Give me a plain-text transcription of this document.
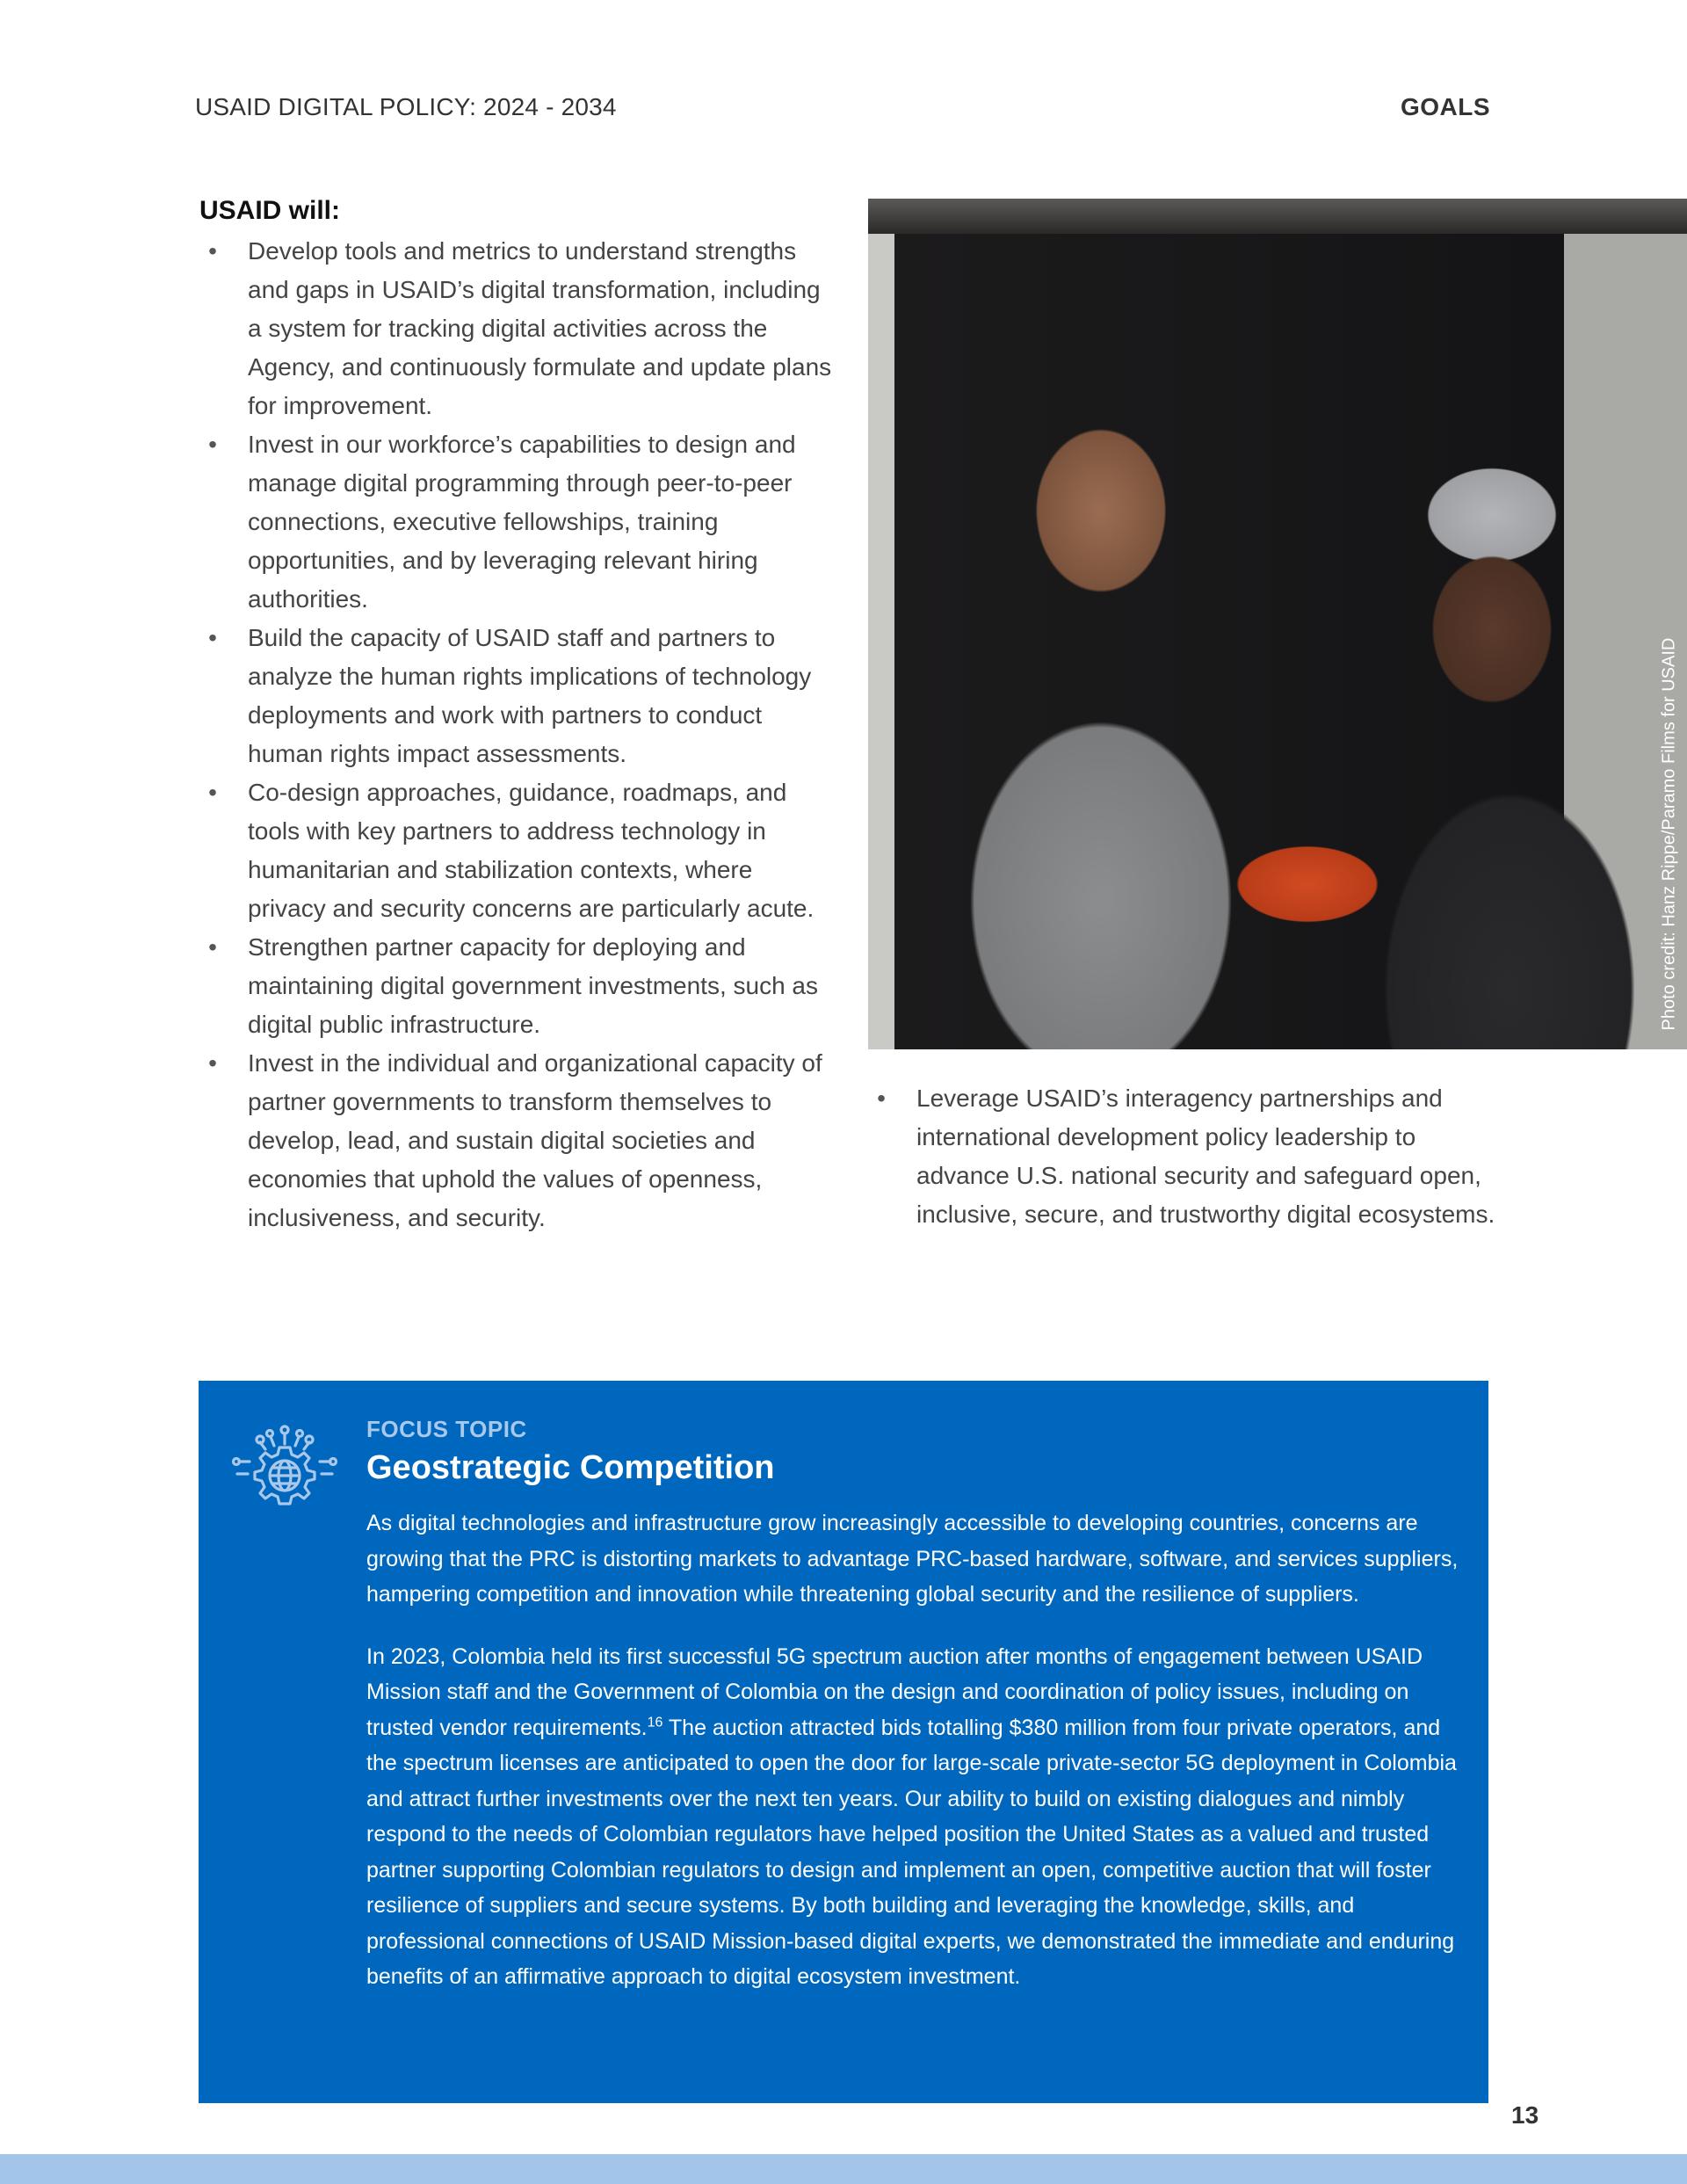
USAID DIGITAL POLICY: 2024 - 2034	GOALS
USAID will:
•	Develop tools and metrics to understand strengths and gaps in USAID’s digital transformation, including a system for tracking digital activities across the Agency, and continuously formulate and update plans for improvement.
•	Invest in our workforce’s capabilities to design and manage digital programming through peer-to-peer connections, executive fellowships, training opportunities, and by leveraging relevant hiring authorities.
•	Build the capacity of USAID staff and partners to analyze the human rights implications of technology deployments and work with partners to conduct human rights impact assessments.
•	Co-design approaches, guidance, roadmaps, and tools with key partners to address technology in humanitarian and stabilization contexts, where privacy and security concerns are particularly acute.
•	Strengthen partner capacity for deploying and maintaining digital government investments, such as digital public infrastructure.
•	Invest in the individual and organizational capacity of partner governments to transform themselves to develop, lead, and sustain digital societies and economies that uphold the values of openness, inclusiveness, and security.
Photo credit: Hanz Rippe/Paramo Films for USAID
•	Leverage USAID’s interagency partnerships and international development policy leadership to advance U.S. national security and safeguard open, inclusive, secure, and trustworthy digital ecosystems.
FOCUS TOPIC
Geostrategic Competition

As digital technologies and infrastructure grow increasingly accessible to developing countries, concerns are growing that the PRC is distorting markets to advantage PRC-based hardware, software, and services suppliers, hampering competition and innovation while threatening global security and the resilience of suppliers.

In 2023, Colombia held its first successful 5G spectrum auction after months of engagement between USAID Mission staff and the Government of Colombia on the design and coordination of policy issues, including on trusted vendor requirements.$^{16}$ The auction attracted bids totalling $380 million from four private operators, and the spectrum licenses are anticipated to open the door for large-scale private-sector 5G deployment in Colombia and attract further investments over the next ten years. Our ability to build on existing dialogues and nimbly respond to the needs of Colombian regulators have helped position the United States as a valued and trusted partner supporting Colombian regulators to design and implement an open, competitive auction that will foster resilience of suppliers and secure systems. By both building and leveraging the knowledge, skills, and professional connections of USAID Mission-based digital experts, we demonstrated the immediate and enduring benefits of an affirmative approach to digital ecosystem investment.

13
